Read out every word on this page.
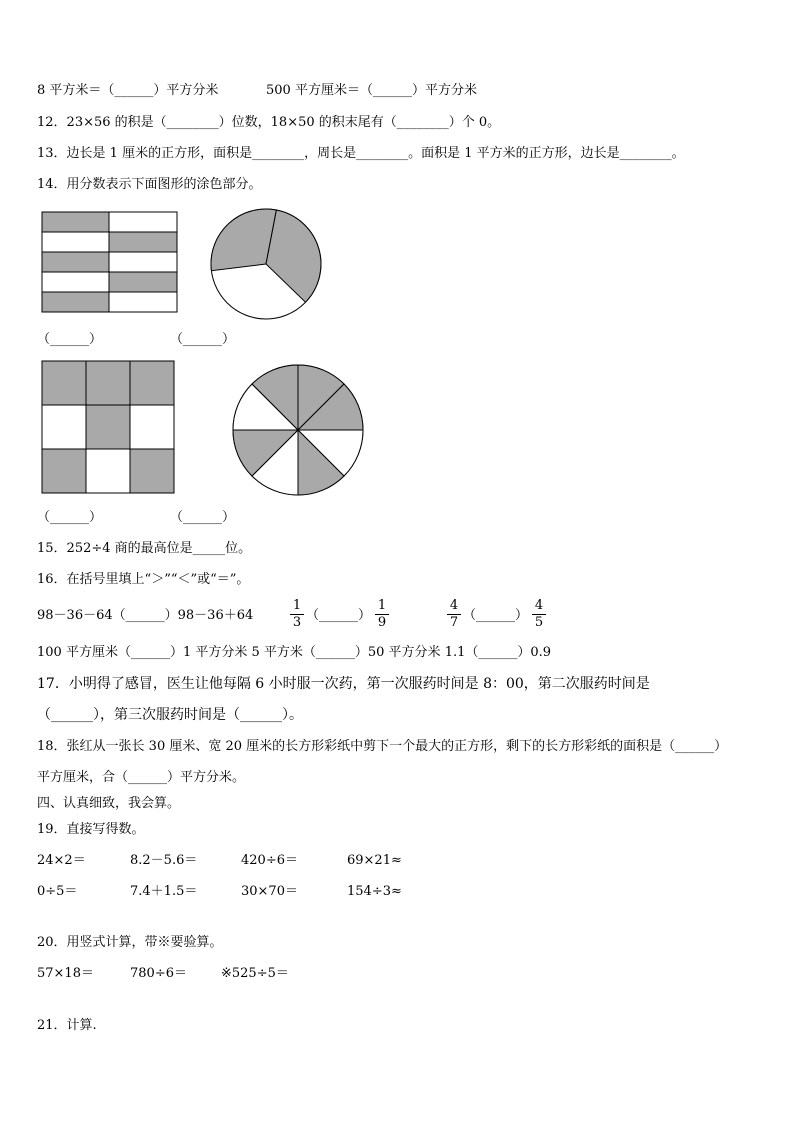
8 平方米＝（______）平方分米	500 平方厘米＝（______）平方分米
12．23×56 的积是（________）位数，18×50 的积末尾有（________）个 0。
13．边长是 1 厘米的正方形，面积是________，周长是________。面积是 1 平方米的正方形，边长是________。
14．用分数表示下面图形的涂色部分。
（______）	（______）
（______）	（______）
15．252÷4 商的最高位是_____位。
16．在括号里填上“＞”“＜”或“＝”。
98－36－64（______）98－36＋64
1
3 （______）
1
9
4
7 （______）
4
5
100 平方厘米（______）1 平方分米 5 平方米（______）50 平方分米 1.1（______）0.9
17．小明得了感冒，医生让他每隔 6 小时服一次药，第一次服药时间是 8：00，第二次服药时间是
（______），第三次服药时间是（______）。
18．张红从一张长 30 厘米、宽 20 厘米的长方形彩纸中剪下一个最大的正方形，剩下的长方形彩纸的面积是（______）
平方厘米，合（______）平方分米。
四、认真细致，我会算。
19．直接写得数。
24×2＝	8.2－5.6＝	420÷6＝	69×21≈
0÷5＝	7.4＋1.5＝	30×70＝	154÷3≈
20．用竖式计算，带※要验算。
57×18＝	780÷6＝	※525÷5＝
21．计算.
